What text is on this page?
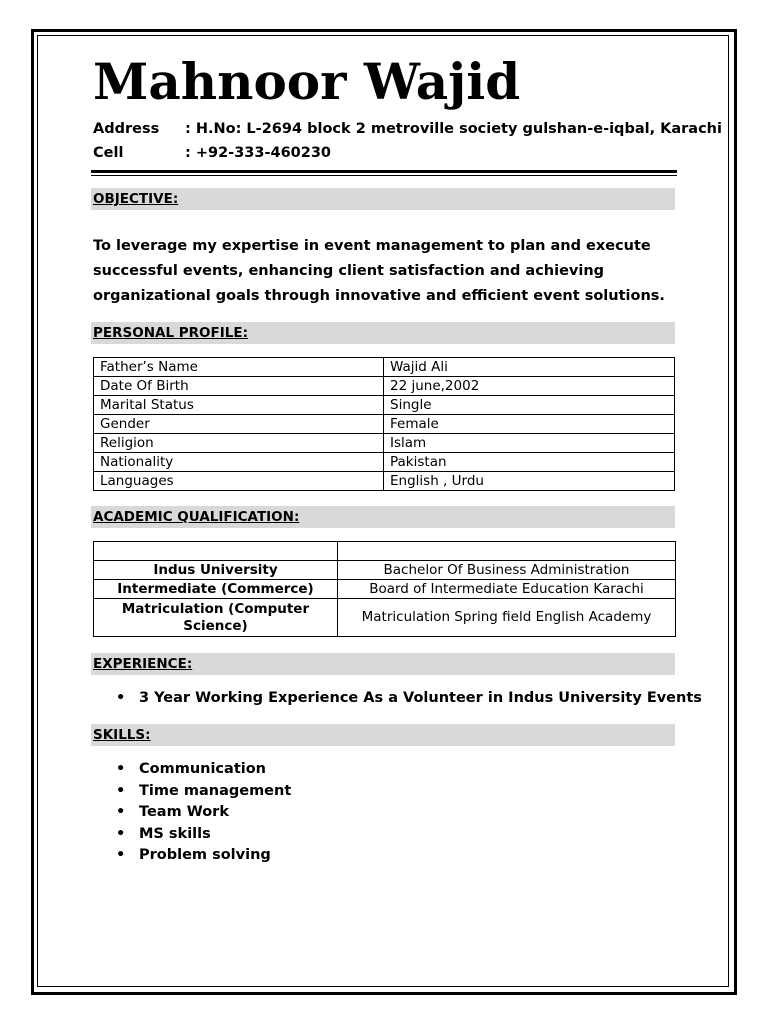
Mahnoor Wajid
Address : H.No: L-2694 block 2 metroville society gulshan-e-iqbal, Karachi
Cell	: +92-333-460230
OBJECTIVE:

To leverage my expertise in event management to plan and execute successful events, enhancing client satisfaction and achieving organizational goals through innovative and efficient event solutions.

PERSONAL PROFILE:
Father’s Name	Wajid Ali
Date Of Birth	22 june,2002
Marital Status	Single
Gender	Female
Religion	Islam
Nationality	Pakistan
Languages	English , Urdu
ACADEMIC QUALIFICATION:

Indus University	Bachelor Of Business Administration
Intermediate (Commerce)	Board of Intermediate Education Karachi
Matriculation (Computer Science)	Matriculation Spring field English Academy
EXPERIENCE:
• 3 Year Working Experience As a Volunteer in Indus University Events
SKILLS:
• Communication
• Time management
• Team Work
• MS skills
• Problem solving
